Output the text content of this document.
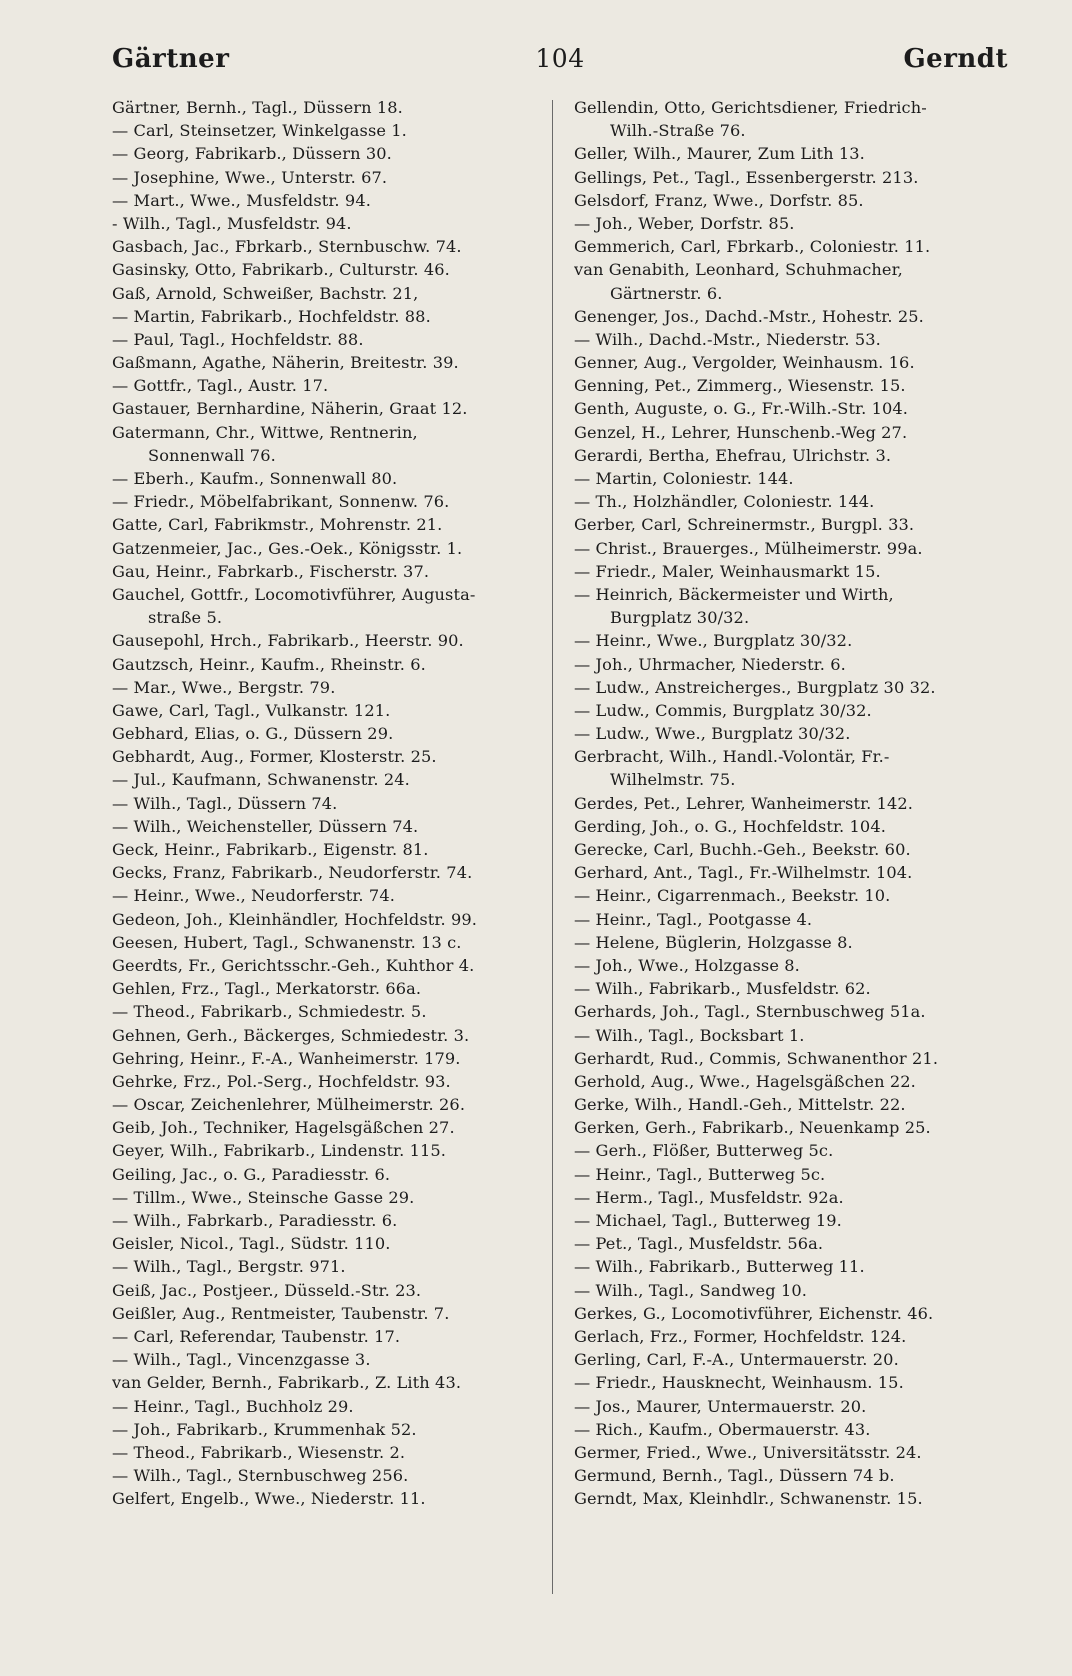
Gärtner	104	Gerndt
Gärtner, Bernh., Tagl., Düssern 18.
— Carl, Steinsetzer, Winkelgasse 1.
— Georg, Fabrikarb., Düssern 30.
— Josephine, Wwe., Unterstr. 67.
— Mart., Wwe., Musfeldstr. 94.
- Wilh., Tagl., Musfeldstr. 94.
Gasbach, Jac., Fbrkarb., Sternbuschw. 74.
Gasinsky, Otto, Fabrikarb., Culturstr. 46.
Gaß, Arnold, Schweißer, Bachstr. 21,
— Martin, Fabrikarb., Hochfeldstr. 88.
— Paul, Tagl., Hochfeldstr. 88.
Gaßmann, Agathe, Näherin, Breitestr. 39.
— Gottfr., Tagl., Austr. 17.
Gastauer, Bernhardine, Näherin, Graat 12.
Gatermann, Chr., Wittwe, Rentnerin,
Sonnenwall 76.
— Eberh., Kaufm., Sonnenwall 80.
— Friedr., Möbelfabrikant, Sonnenw. 76.
Gatte, Carl, Fabrikmstr., Mohrenstr. 21.
Gatzenmeier, Jac., Ges.-Oek., Königsstr. 1.
Gau, Heinr., Fabrkarb., Fischerstr. 37.
Gauchel, Gottfr., Locomotivführer, Augusta-
straße 5.
Gausepohl, Hrch., Fabrikarb., Heerstr. 90.
Gautzsch, Heinr., Kaufm., Rheinstr. 6.
— Mar., Wwe., Bergstr. 79.
Gawe, Carl, Tagl., Vulkanstr. 121.
Gebhard, Elias, o. G., Düssern 29.
Gebhardt, Aug., Former, Klosterstr. 25.
— Jul., Kaufmann, Schwanenstr. 24.
— Wilh., Tagl., Düssern 74.
— Wilh., Weichensteller, Düssern 74.
Geck, Heinr., Fabrikarb., Eigenstr. 81.
Gecks, Franz, Fabrikarb., Neudorferstr. 74.
— Heinr., Wwe., Neudorferstr. 74.
Gedeon, Joh., Kleinhändler, Hochfeldstr. 99.
Geesen, Hubert, Tagl., Schwanenstr. 13 c.
Geerdts, Fr., Gerichtsschr.-Geh., Kuhthor 4.
Gehlen, Frz., Tagl., Merkatorstr. 66a.
— Theod., Fabrikarb., Schmiedestr. 5.
Gehnen, Gerh., Bäckerges, Schmiedestr. 3.
Gehring, Heinr., F.-A., Wanheimerstr. 179.
Gehrke, Frz., Pol.-Serg., Hochfeldstr. 93.
— Oscar, Zeichenlehrer, Mülheimerstr. 26.
Geib, Joh., Techniker, Hagelsgäßchen 27.
Geyer, Wilh., Fabrikarb., Lindenstr. 115.
Geiling, Jac., o. G., Paradiesstr. 6.
— Tillm., Wwe., Steinsche Gasse 29.
— Wilh., Fabrkarb., Paradiesstr. 6.
Geisler, Nicol., Tagl., Südstr. 110.
— Wilh., Tagl., Bergstr. 971.
Geiß, Jac., Postjeer., Düsseld.-Str. 23.
Geißler, Aug., Rentmeister, Taubenstr. 7.
— Carl, Referendar, Taubenstr. 17.
— Wilh., Tagl., Vincenzgasse 3.
van Gelder, Bernh., Fabrikarb., Z. Lith 43.
— Heinr., Tagl., Buchholz 29.
— Joh., Fabrikarb., Krummenhak 52.
— Theod., Fabrikarb., Wiesenstr. 2.
— Wilh., Tagl., Sternbuschweg 256.
Gelfert, Engelb., Wwe., Niederstr. 11.
Gellendin, Otto, Gerichtsdiener, Friedrich-
Wilh.-Straße 76.
Geller, Wilh., Maurer, Zum Lith 13.
Gellings, Pet., Tagl., Essenbergerstr. 213.
Gelsdorf, Franz, Wwe., Dorfstr. 85.
— Joh., Weber, Dorfstr. 85.
Gemmerich, Carl, Fbrkarb., Coloniestr. 11.
van Genabith, Leonhard, Schuhmacher,
Gärtnerstr. 6.
Genenger, Jos., Dachd.-Mstr., Hohestr. 25.
— Wilh., Dachd.-Mstr., Niederstr. 53.
Genner, Aug., Vergolder, Weinhausm. 16.
Genning, Pet., Zimmerg., Wiesenstr. 15.
Genth, Auguste, o. G., Fr.-Wilh.-Str. 104.
Genzel, H., Lehrer, Hunschenb.-Weg 27.
Gerardi, Bertha, Ehefrau, Ulrichstr. 3.
— Martin, Coloniestr. 144.
— Th., Holzhändler, Coloniestr. 144.
Gerber, Carl, Schreinermstr., Burgpl. 33.
— Christ., Brauerges., Mülheimerstr. 99a.
— Friedr., Maler, Weinhausmarkt 15.
— Heinrich, Bäckermeister und Wirth,
Burgplatz 30/32.
— Heinr., Wwe., Burgplatz 30/32.
— Joh., Uhrmacher, Niederstr. 6.
— Ludw., Anstreicherges., Burgplatz 30 32.
— Ludw., Commis, Burgplatz 30/32.
— Ludw., Wwe., Burgplatz 30/32.
Gerbracht, Wilh., Handl.-Volontär, Fr.-
Wilhelmstr. 75.
Gerdes, Pet., Lehrer, Wanheimerstr. 142.
Gerding, Joh., o. G., Hochfeldstr. 104.
Gerecke, Carl, Buchh.-Geh., Beekstr. 60.
Gerhard, Ant., Tagl., Fr.-Wilhelmstr. 104.
— Heinr., Cigarrenmach., Beekstr. 10.
— Heinr., Tagl., Pootgasse 4.
— Helene, Büglerin, Holzgasse 8.
— Joh., Wwe., Holzgasse 8.
— Wilh., Fabrikarb., Musfeldstr. 62.
Gerhards, Joh., Tagl., Sternbuschweg 51a.
— Wilh., Tagl., Bocksbart 1.
Gerhardt, Rud., Commis, Schwanenthor 21.
Gerhold, Aug., Wwe., Hagelsgäßchen 22.
Gerke, Wilh., Handl.-Geh., Mittelstr. 22.
Gerken, Gerh., Fabrikarb., Neuenkamp 25.
— Gerh., Flößer, Butterweg 5c.
— Heinr., Tagl., Butterweg 5c.
— Herm., Tagl., Musfeldstr. 92a.
— Michael, Tagl., Butterweg 19.
— Pet., Tagl., Musfeldstr. 56a.
— Wilh., Fabrikarb., Butterweg 11.
— Wilh., Tagl., Sandweg 10.
Gerkes, G., Locomotivführer, Eichenstr. 46.
Gerlach, Frz., Former, Hochfeldstr. 124.
Gerling, Carl, F.-A., Untermauerstr. 20.
— Friedr., Hausknecht, Weinhausm. 15.
— Jos., Maurer, Untermauerstr. 20.
— Rich., Kaufm., Obermauerstr. 43.
Germer, Fried., Wwe., Universitätsstr. 24.
Germund, Bernh., Tagl., Düssern 74 b.
Gerndt, Max, Kleinhdlr., Schwanenstr. 15.
